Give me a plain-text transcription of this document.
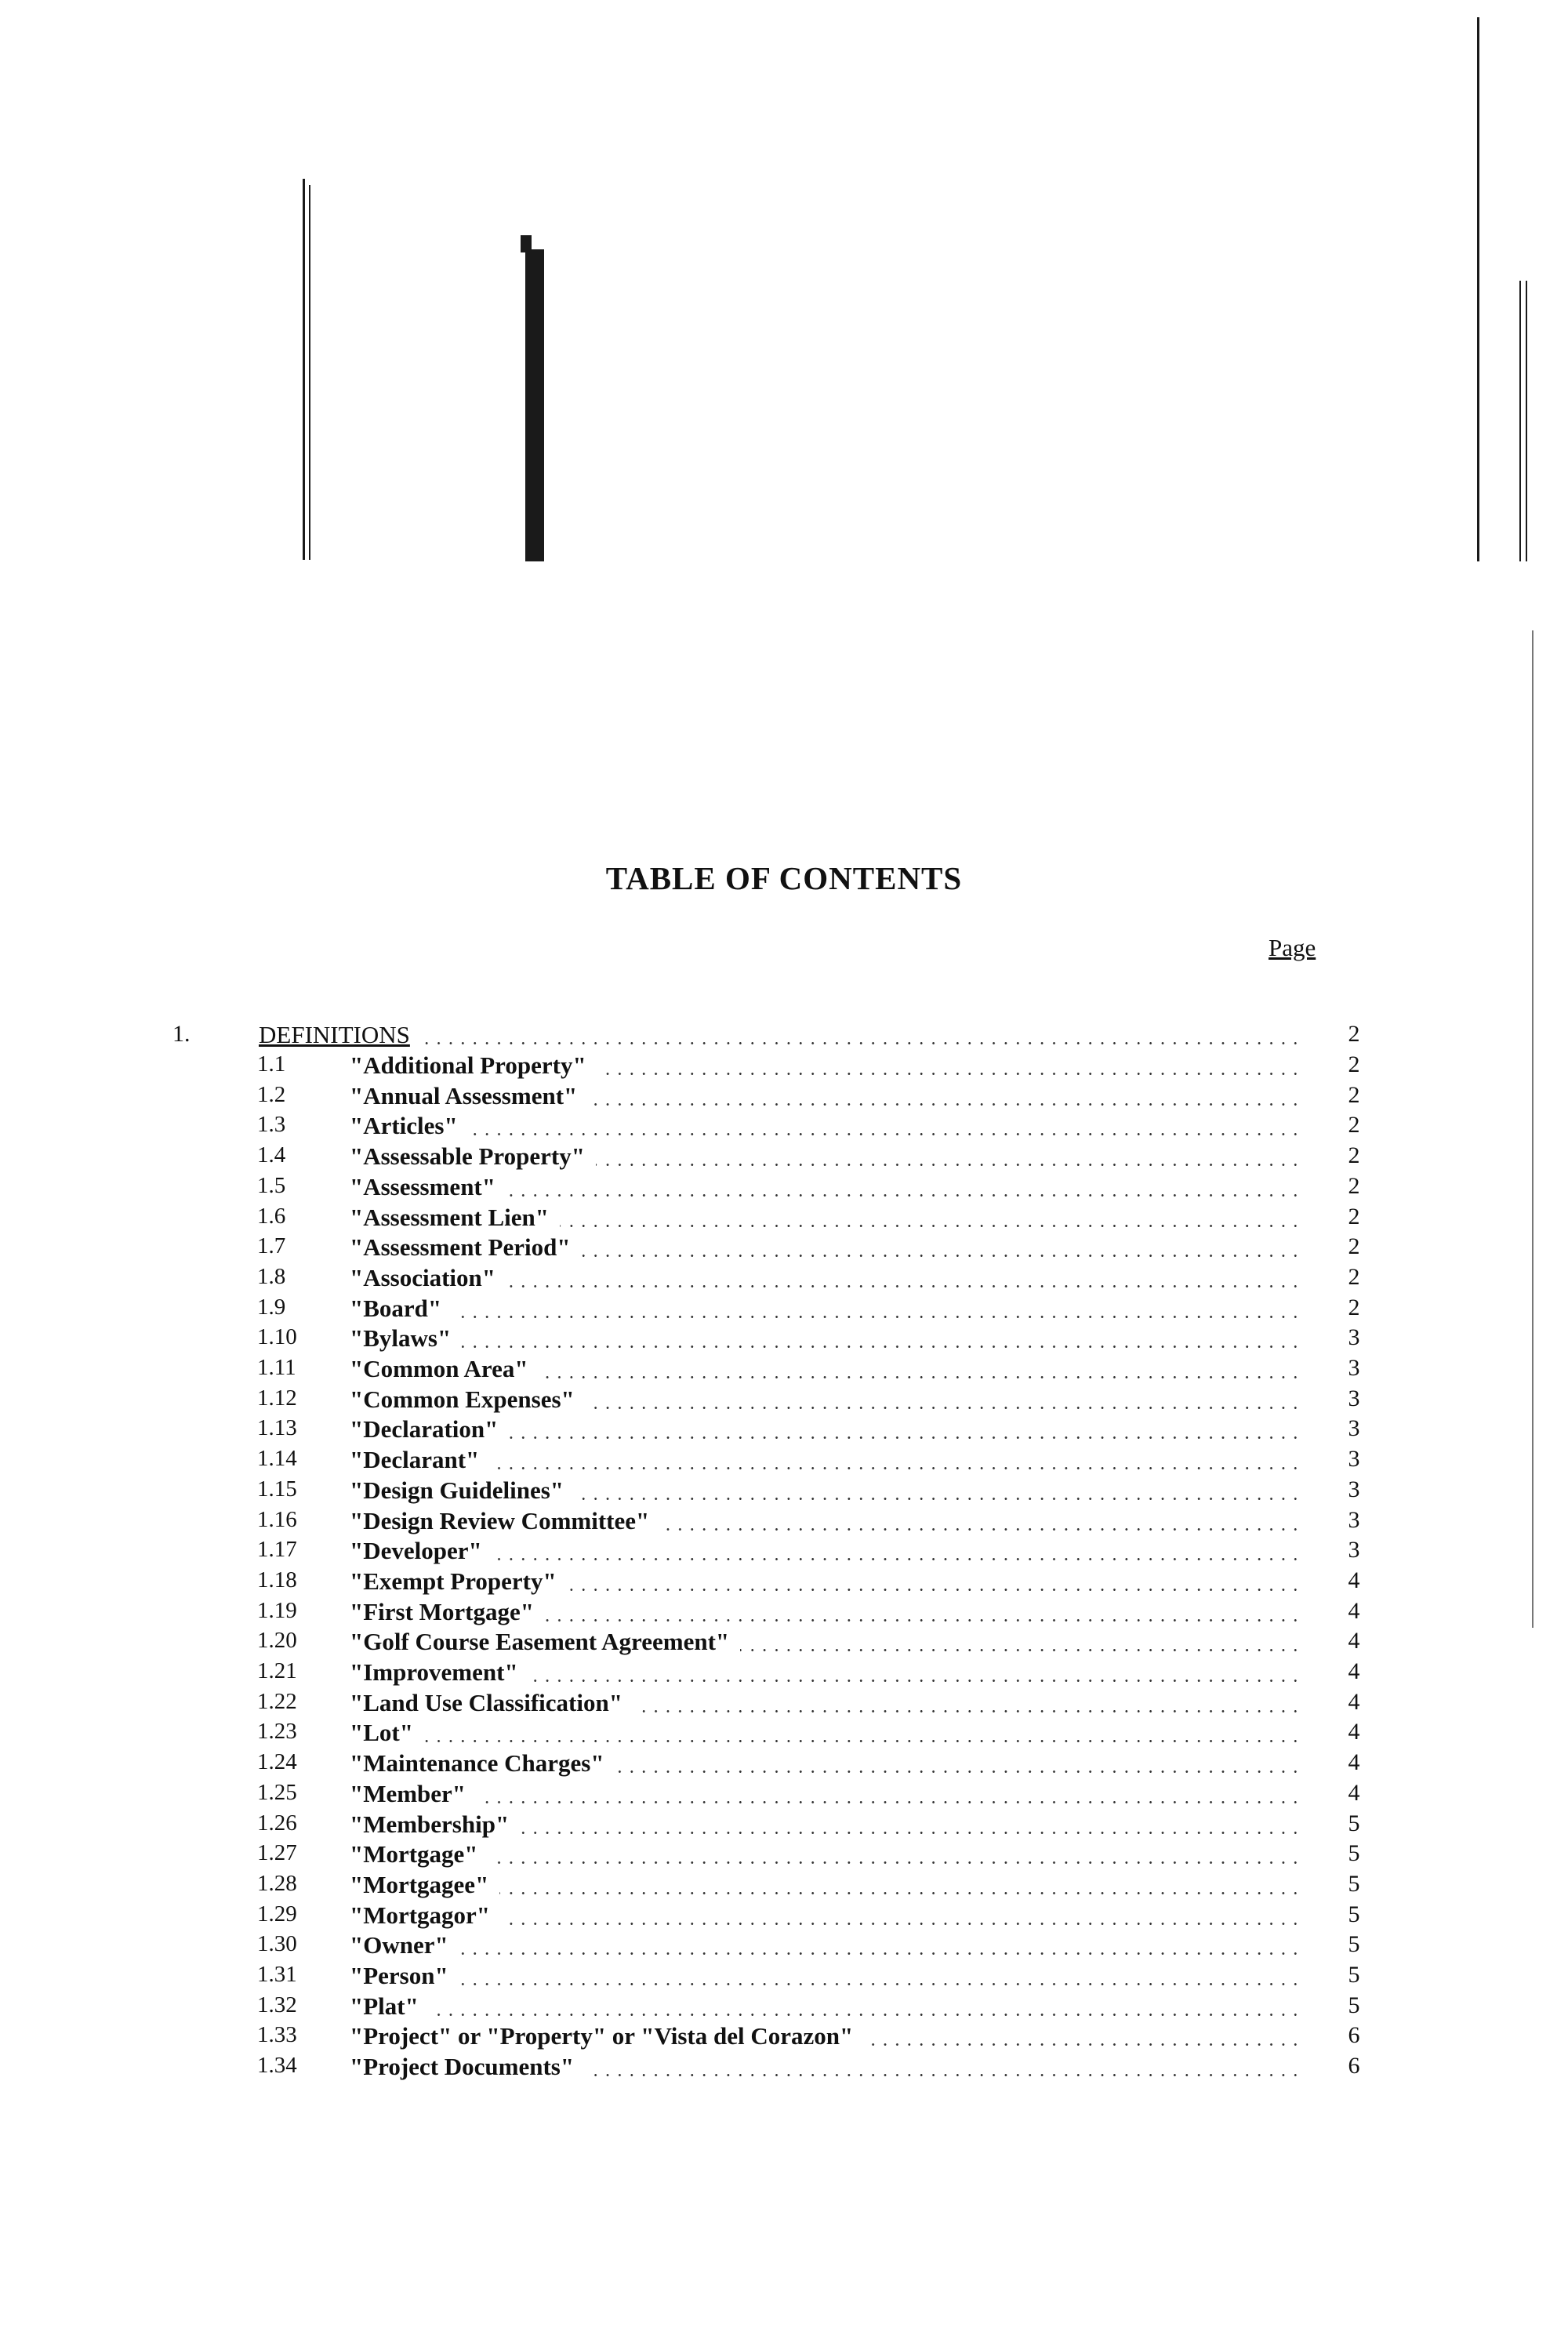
TABLE OF CONTENTS
Page
1.	DEFINITIONS	2
1.1	"Additional Property"	2
1.2	"Annual Assessment"	2
1.3	"Articles"	2
1.4	"Assessable Property"	2
1.5	"Assessment"	2
1.6	"Assessment Lien"	2
1.7	"Assessment Period"	2
1.8	"Association"	2
1.9	"Board"	2
1.10 "Bylaws"	3
1.11 "Common Area"	3
1.12 "Common Expenses"	3
1.13 "Declaration"	3
1.14 "Declarant"	3
1.15 "Design Guidelines"	3
1.16 "Design Review Committee"	3
1.17 "Developer"	3
1.18 "Exempt Property"	4
1.19 "First Mortgage"	4
1.20 "Golf Course Easement Agreement"	4
1.21 "Improvement"	4
1.22 "Land Use Classification"	4
1.23 "Lot"	4
1.24 "Maintenance Charges"	4
1.25 "Member"	4
1.26 "Membership"	5
1.27 "Mortgage"	5
1.28 "Mortgagee"	5
1.29 "Mortgagor"	5
1.30 "Owner"	5
1.31 "Person"	5
1.32 "Plat"	5
1.33 "Project" or "Property" or "Vista del Corazon"	6
1.34 "Project Documents"	6
